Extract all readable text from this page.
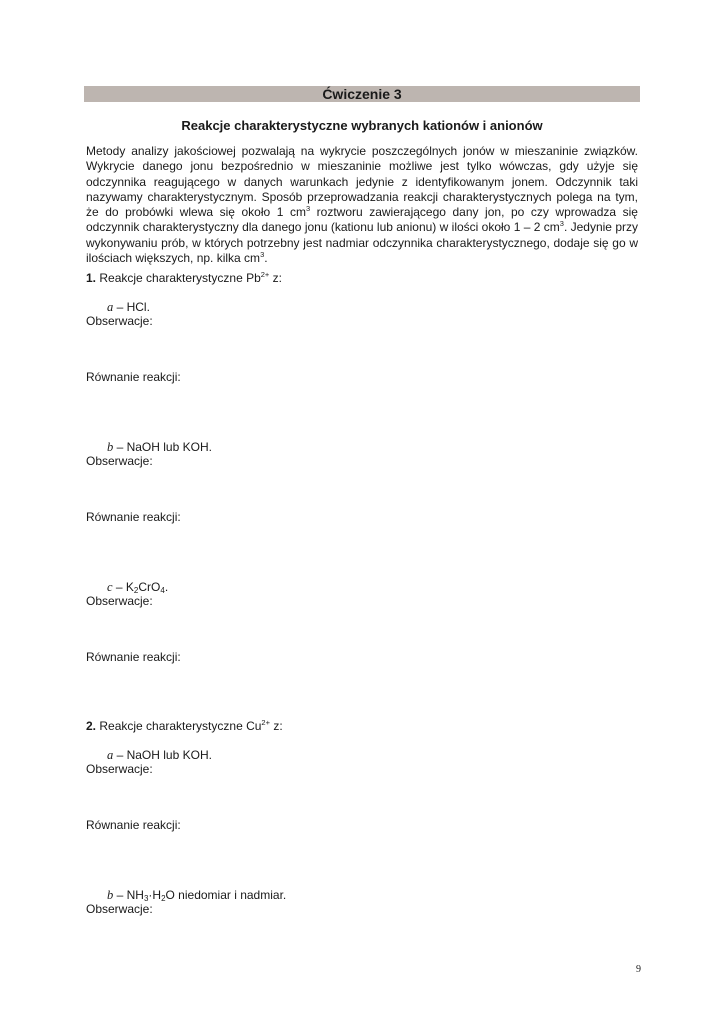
Ćwiczenie 3
Reakcje charakterystyczne wybranych kationów i anionów

Metody analizy jakościowej pozwalają na wykrycie poszczególnych jonów w mieszaninie związków. Wykrycie danego jonu bezpośrednio w mieszaninie możliwe jest tylko wówczas, gdy użyje się odczynnika reagującego w danych warunkach jedynie z identyfikowanym jonem. Odczynnik taki nazywamy charakterystycznym. Sposób przeprowadzania reakcji charakterystycznych polega na tym, że do probówki wlewa się około 1 $cm^3$ roztworu zawierającego dany jon, po czy wprowadza się odczynnik charakterystyczny dla danego jonu (kationu lub anionu) w ilości około 1 – 2 $cm^3$. Jedynie przy wykonywaniu prób, w których potrzebny jest nadmiar odczynnika charakterystycznego, dodaje się go w ilościach większych, np. kilka $cm^3$.

1. Reakcje charakterystyczne $Pb^{2+}$ z:
a – HCl.
Obserwacje:
Równanie reakcji:
b – NaOH lub KOH.
Obserwacje:
Równanie reakcji:
c – $K_2CrO_4$.
Obserwacje:
Równanie reakcji:
2. Reakcje charakterystyczne $Cu^{2+}$ z:
a – NaOH lub KOH.
Obserwacje:
Równanie reakcji:
$b - NH_3\cdot H_2O$ niedomiar i nadmiar.
Obserwacje:
9
